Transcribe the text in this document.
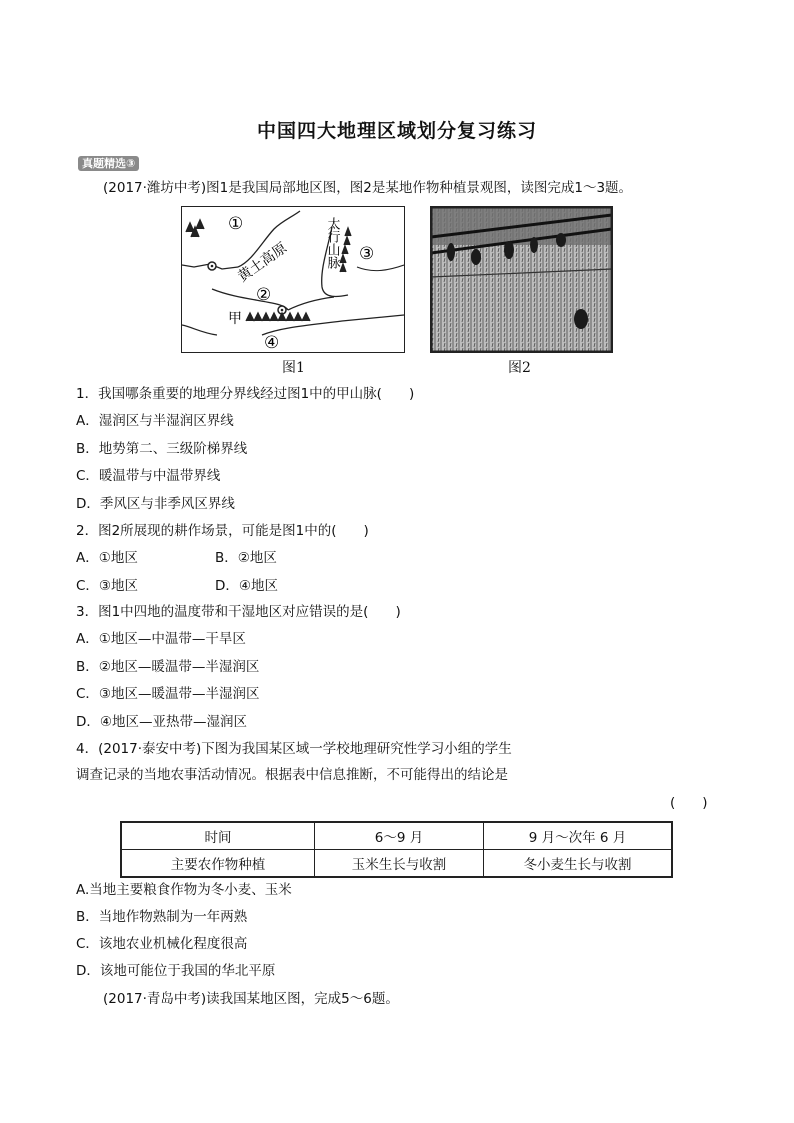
中国四大地理区域划分复习练习
真题精选③
(2017·潍坊中考)图1是我国局部地区图，图2是某地作物种植景观图，读图完成1～3题。
①
②
③
④
甲
黄土高原	太行山脉
图1	图2
1．我国哪条重要的地理分界线经过图1中的甲山脉(　　)
A．湿润区与半湿润区界线
B．地势第二、三级阶梯界线
C．暖温带与中温带界线
D．季风区与非季风区界线
2．图2所展现的耕作场景，可能是图1中的(　　)
A．①地区	B．②地区
C．③地区	D．④地区
3．图1中四地的温度带和干湿地区对应错误的是(　　)
A．①地区—中温带—干旱区
B．②地区—暖温带—半湿润区
C．③地区—暖温带—半湿润区
D．④地区—亚热带—湿润区
4．(2017·泰安中考)下图为我国某区域一学校地理研究性学习小组的学生
调查记录的当地农事活动情况。根据表中信息推断，不可能得出的结论是
(　　)
时间	6～9 月	9 月～次年 6 月
主要农作物种植	玉米生长与收割	冬小麦生长与收割
A.当地主要粮食作物为冬小麦、玉米
B．当地作物熟制为一年两熟
C．该地农业机械化程度很高
D．该地可能位于我国的华北平原
(2017·青岛中考)读我国某地区图，完成5～6题。
